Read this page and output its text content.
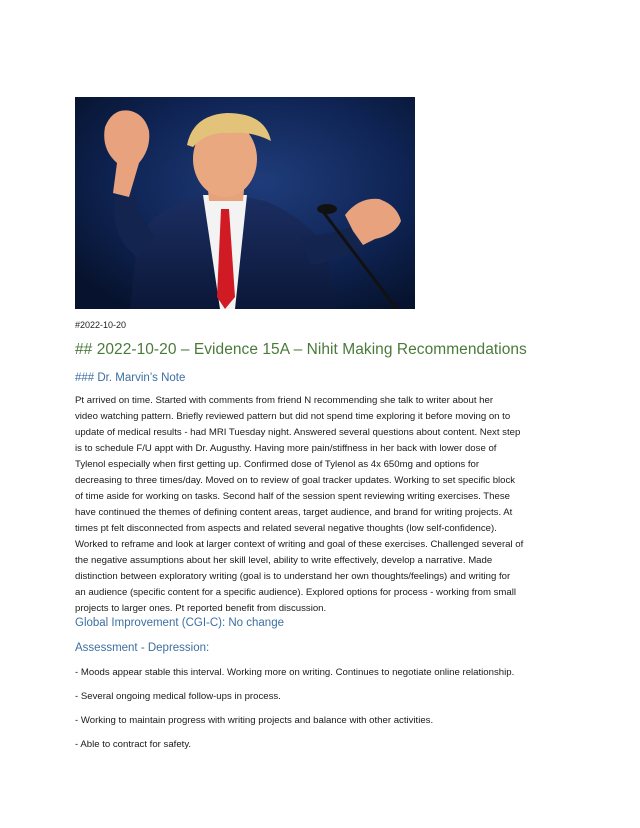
#2022-10-20
## 2022-10-20 – Evidence 15A – Nihit Making Recommendations
### Dr. Marvin’s Note
Pt arrived on time. Started with comments from friend N recommending she talk to writer about her
video watching pattern. Briefly reviewed pattern but did not spend time exploring it before moving on to
update of medical results - had MRI Tuesday night. Answered several questions about content. Next step
is to schedule F/U appt with Dr. Augusthy. Having more pain/stiffness in her back with lower dose of
Tylenol especially when first getting up. Confirmed dose of Tylenol as 4x 650mg and options for
decreasing to three times/day. Moved on to review of goal tracker updates. Working to set specific block
of time aside for working on tasks. Second half of the session spent reviewing writing exercises. These
have continued the themes of defining content areas, target audience, and brand for writing projects. At
times pt felt disconnected from aspects and related several negative thoughts (low self-confidence).
Worked to reframe and look at larger context of writing and goal of these exercises. Challenged several of
the negative assumptions about her skill level, ability to write effectively, develop a narrative. Made
distinction between exploratory writing (goal is to understand her own thoughts/feelings) and writing for
an audience (specific content for a specific audience). Explored options for process - working from small
projects to larger ones. Pt reported benefit from discussion.
Global Improvement (CGI-C): No change
Assessment - Depression:
- Moods appear stable this interval. Working more on writing. Continues to negotiate online relationship.
- Several ongoing medical follow-ups in process.
- Working to maintain progress with writing projects and balance with other activities.
- Able to contract for safety.
